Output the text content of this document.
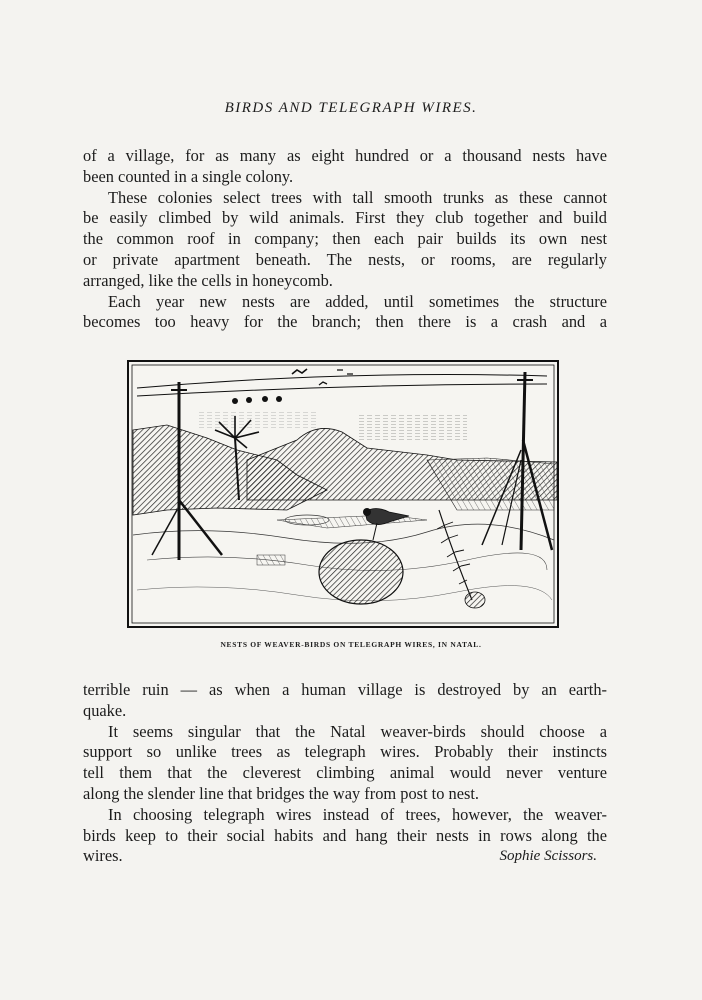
BIRDS AND TELEGRAPH WIRES.

of a village, for as many as eight hundred or a thousand nests have

been counted in a single colony.

These colonies select trees with tall smooth trunks as these cannot

be easily climbed by wild animals. First they club together and build

the common roof in company; then each pair builds its own nest

or private apartment beneath. The nests, or rooms, are regularly

arranged, like the cells in honeycomb.

Each year new nests are added, until sometimes the structure

becomes too heavy for the branch; then there is a crash and a

NESTS OF WEAVER-BIRDS ON TELEGRAPH WIRES, IN NATAL.

terrible ruin — as when a human village is destroyed by an earth-

quake.

It seems singular that the Natal weaver-birds should choose a

support so unlike trees as telegraph wires. Probably their instincts

tell them that the cleverest climbing animal would never venture

along the slender line that bridges the way from post to nest.

In choosing telegraph wires instead of trees, however, the weaver-

birds keep to their social habits and hang their nests in rows along the

wires.	Sophie Scissors.
